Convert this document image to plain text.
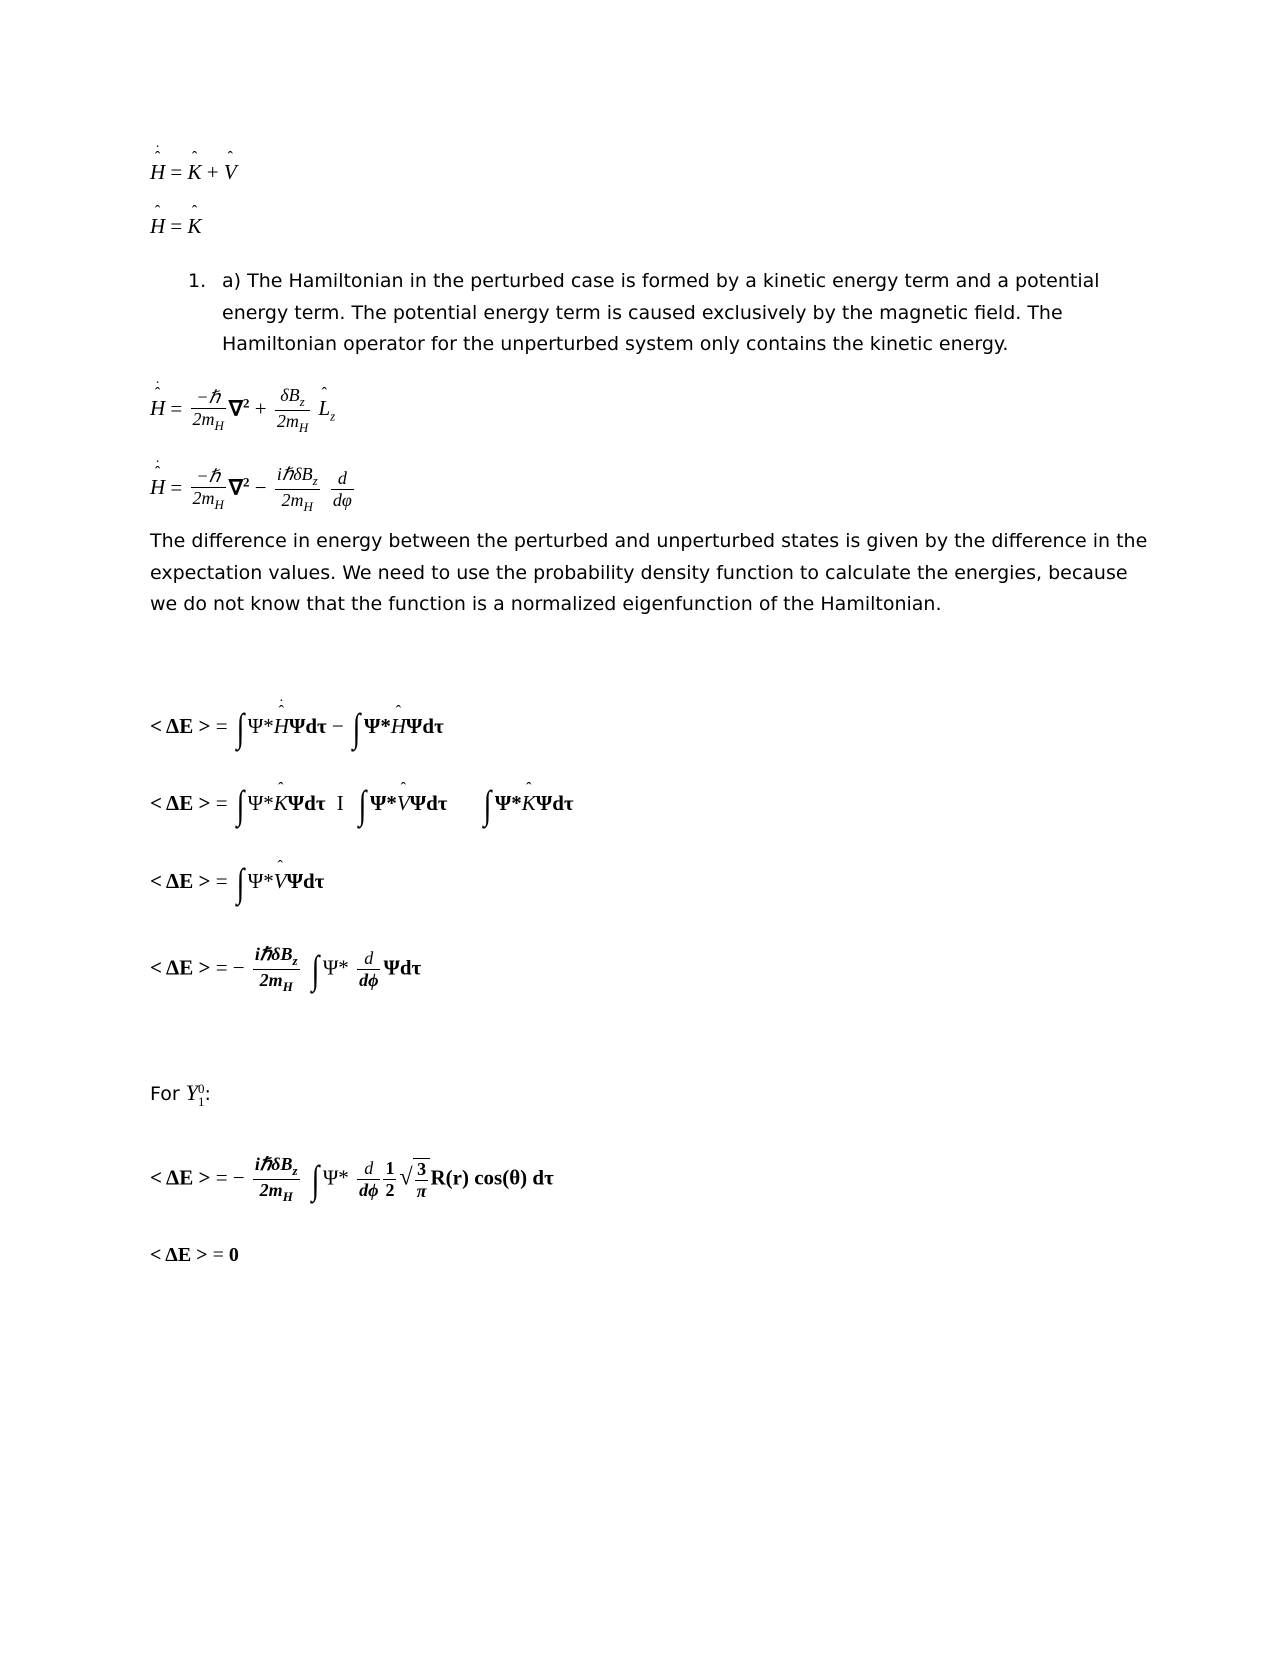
ˆ H · = ˆ K + ˆ V
ˆ H = ˆ K
1. a) The Hamiltonian in the perturbed case is formed by a kinetic energy term and a potential
energy term. The potential energy term is caused exclusively by the magnetic field. The
Hamiltonian operator for the unperturbed system only contains the kinetic energy.
ˆ H · = $\frac{\text{−ℏ}}{2m_H} \nabla^2 + \frac{\delta B_z}{2m_H}$ ˆ $L_z$
ˆ H · = $\frac{\text{−ℏ}}{2m_H} \nabla^2 - \frac{i\hbar\delta B_z}{2m_H}$
$\frac{d}{d\varphi}$
The difference in energy between the perturbed and unperturbed states is given by the difference in the
expectation values. We need to use the probability density function to calculate the energies, because
we do not know that the function is a normalized eigenfunction of the Hamiltonian.
< ΔE > = ∫ Ψ*ˆ H ·Ψdτ − ∫ Ψ*ˆ HΨdτ
< ΔE > = ∫ Ψ*ˆ KΨdτ I ∫ Ψ*ˆ VΨdτ ∫ Ψ*ˆ KΨdτ
< ΔE > = ∫ Ψ*ˆ VΨdτ
< ΔE > = − $\frac{i\hbar\delta B_z}{2m_H}$ ∫ $\Psi* \frac{d}{d\phi}$ Ψdτ
For Y 0
1 :
< ΔE > = − $\frac{i\hbar\delta B_z}{2m_H}$ ∫ $\Psi* \frac{d}{d\phi} \frac{1}{2}$ √ $\frac{3}{\pi} R(r)$ cos(θ) dτ
< ΔE > = 0
